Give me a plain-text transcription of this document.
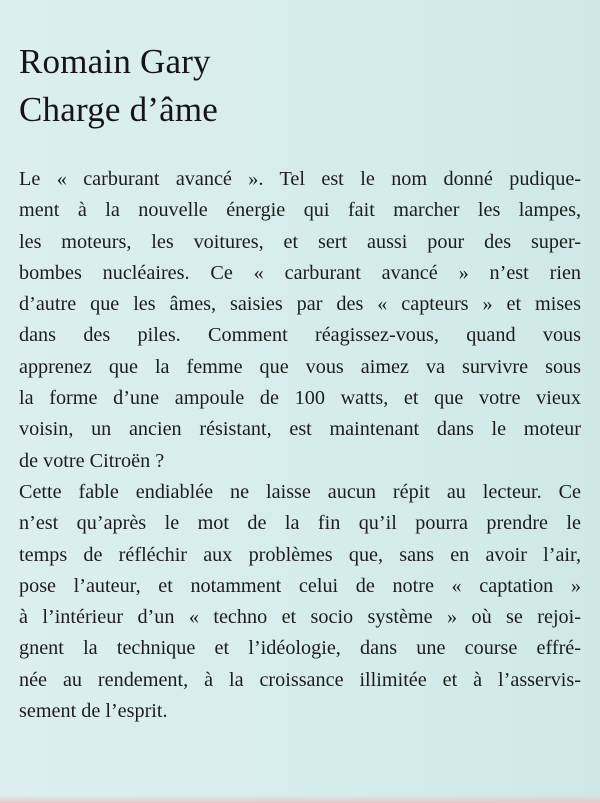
Romain Gary
Charge d’âme
Le « carburant avancé ». Tel est le nom donné pudique-
ment à la nouvelle énergie qui fait marcher les lampes,
les moteurs, les voitures, et sert aussi pour des super-
bombes nucléaires. Ce « carburant avancé » n’est rien
d’autre que les âmes, saisies par des « capteurs » et mises
dans des piles. Comment réagissez-vous, quand vous
apprenez que la femme que vous aimez va survivre sous
la forme d’une ampoule de 100 watts, et que votre vieux
voisin, un ancien résistant, est maintenant dans le moteur
de votre Citroën ?
Cette fable endiablée ne laisse aucun répit au lecteur. Ce
n’est qu’après le mot de la fin qu’il pourra prendre le
temps de réfléchir aux problèmes que, sans en avoir l’air,
pose l’auteur, et notamment celui de notre « captation »
à l’intérieur d’un « techno et socio système » où se rejoi-
gnent la technique et l’idéologie, dans une course effré-
née au rendement, à la croissance illimitée et à l’asservis-
sement de l’esprit.
